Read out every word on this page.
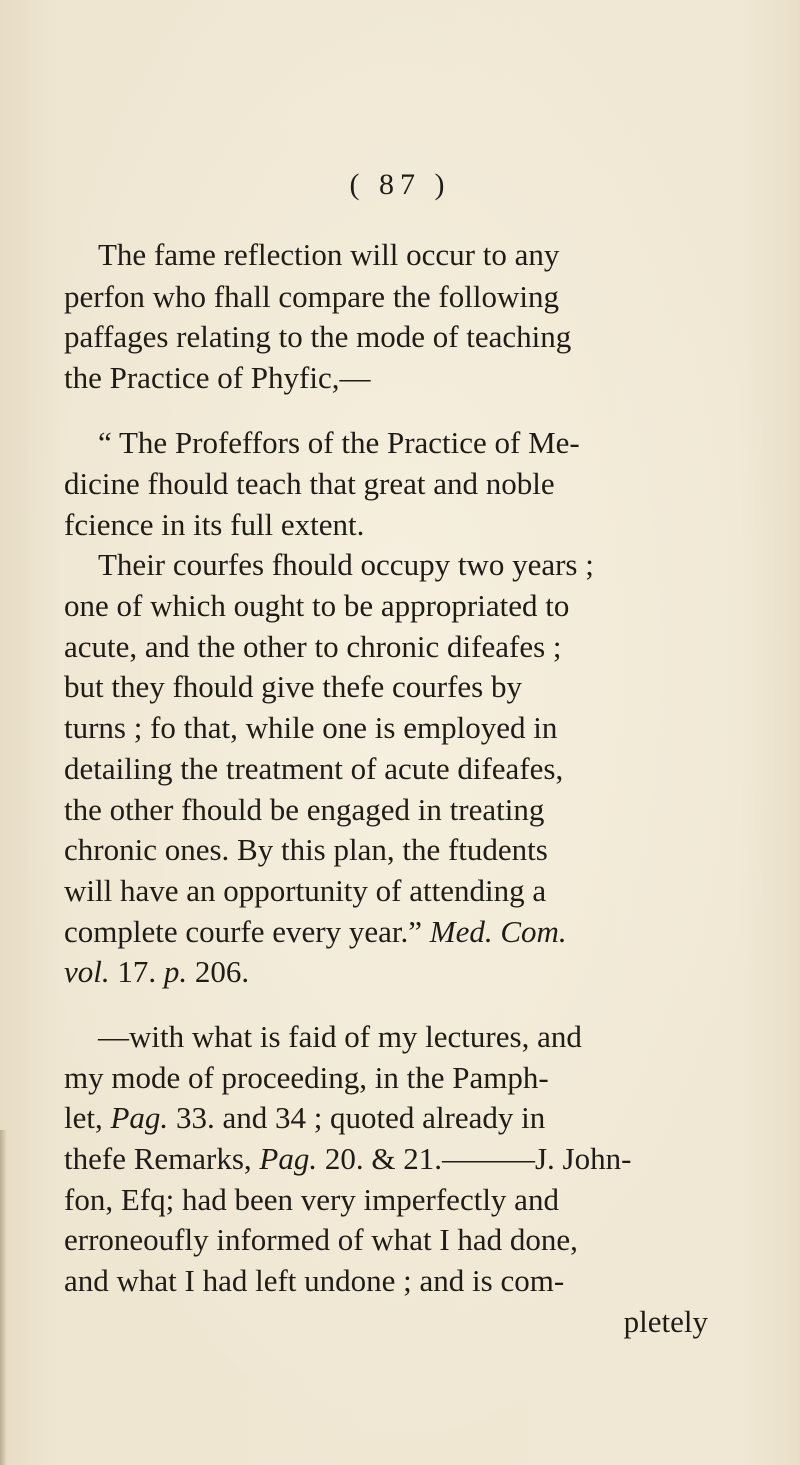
( 87 )
The fame reflection will occur to any
perfon who fhall compare the following
paffages relating to the mode of teaching
the Practice of Phyfic,—
“ The Profeffors of the Practice of Me-
dicine fhould teach that great and noble
fcience in its full extent.
Their courfes fhould occupy two years ;
one of which ought to be appropriated to
acute, and the other to chronic difeafes ;
but they fhould give thefe courfes by
turns ; fo that, while one is employed in
detailing the treatment of acute difeafes,
the other fhould be engaged in treating
chronic ones. By this plan, the ftudents
will have an opportunity of attending a
complete courfe every year.” Med. Com.
vol. 17. p. 206.
—with what is faid of my lectures, and
my mode of proceeding, in the Pamph-
let, Pag. 33. and 34 ; quoted already in
thefe Remarks, Pag. 20. & 21.———J. John-
fon, Efq; had been very imperfectly and
erroneoufly informed of what I had done,
and what I had left undone ; and is com-
pletely
